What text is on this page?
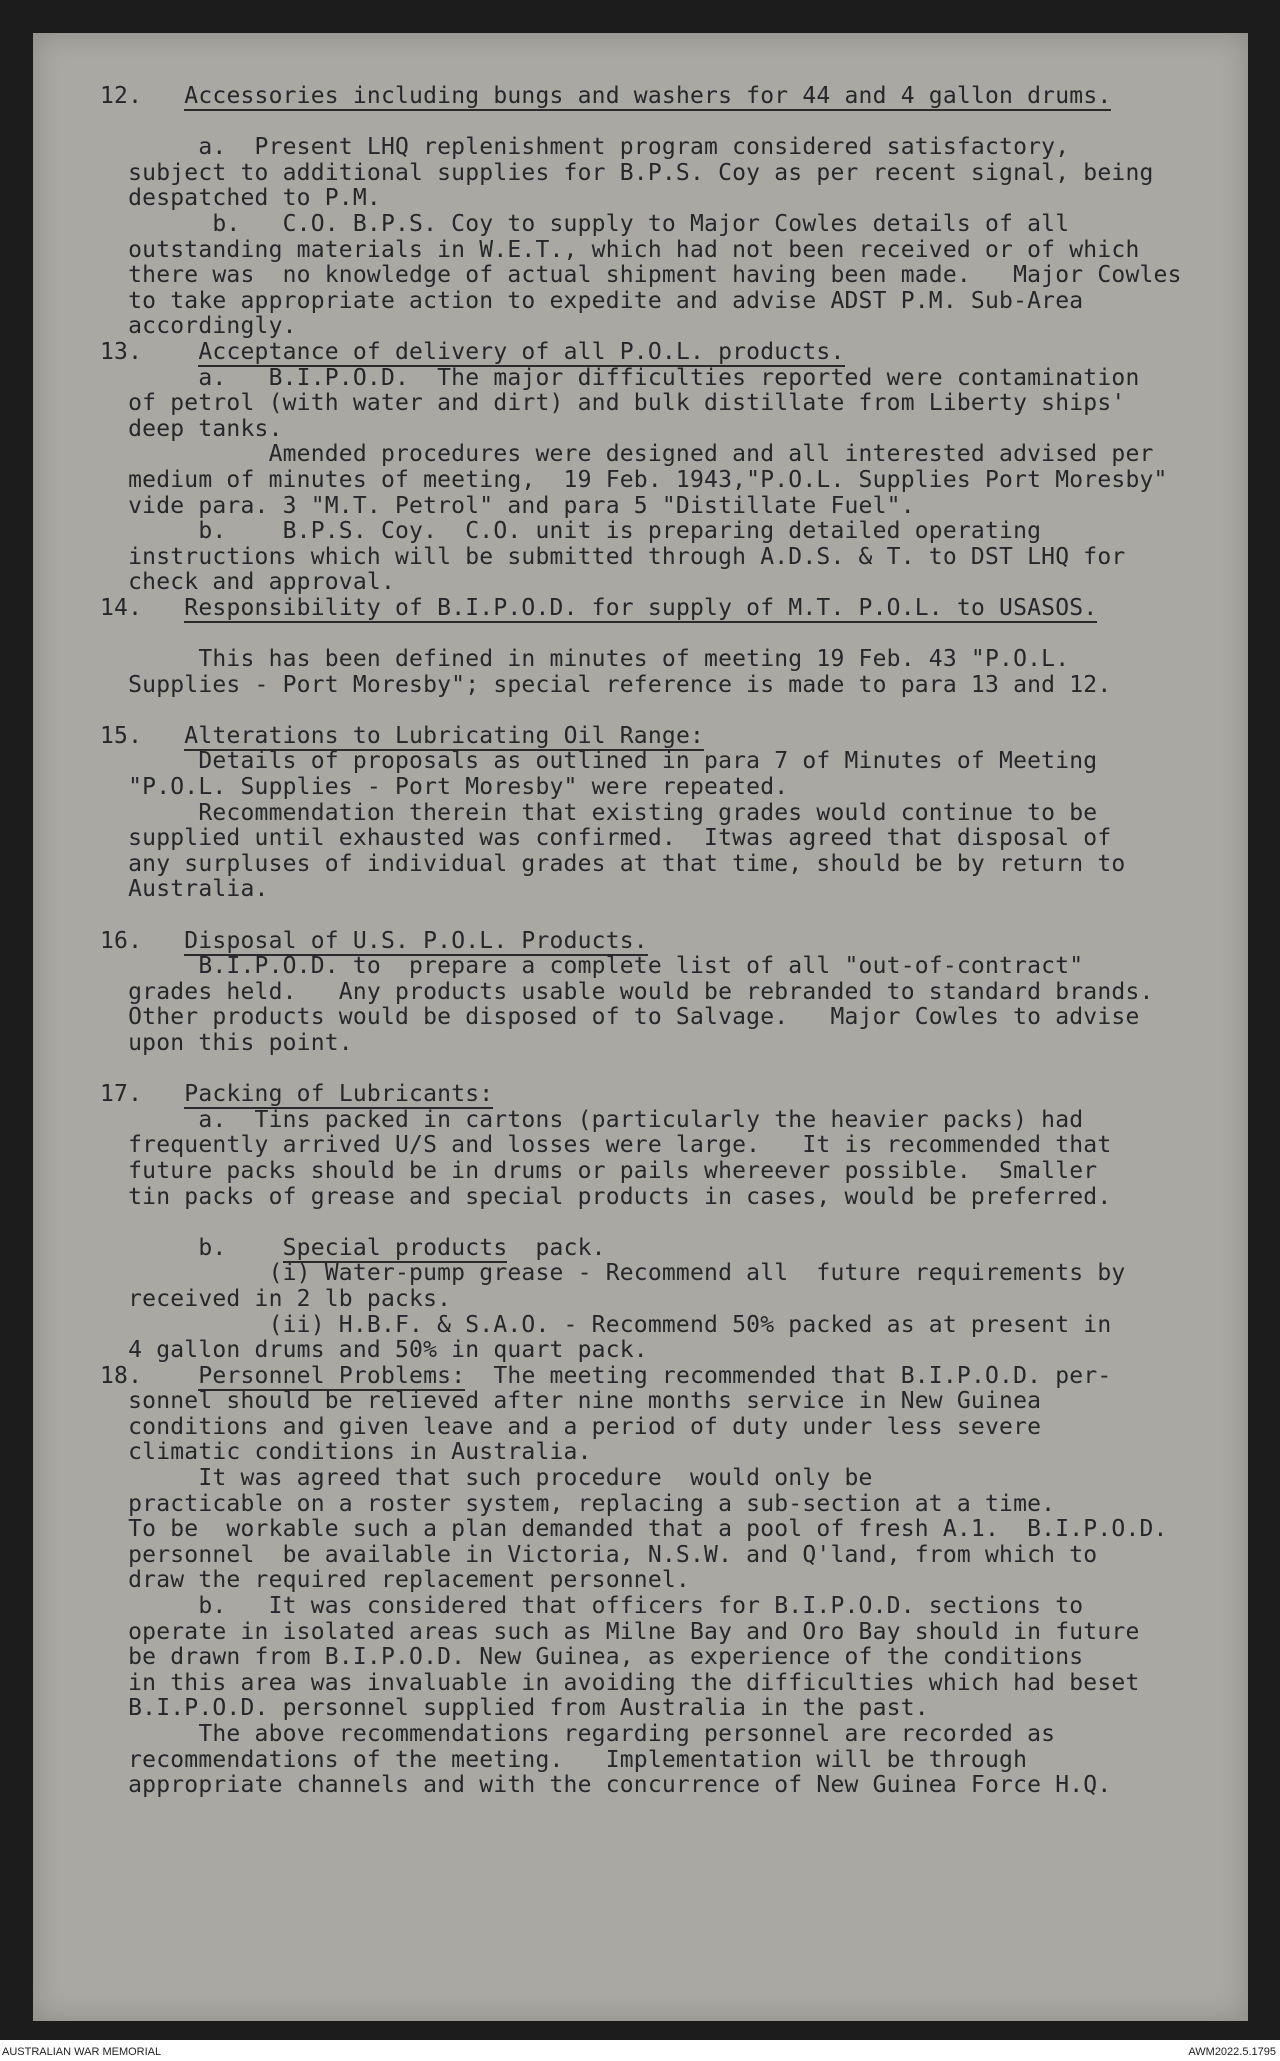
12.   Accessories including bungs and washers for 44 and 4 gallon drums.
a.  Present LHQ replenishment program considered satisfactory,
subject to additional supplies for B.P.S. Coy as per recent signal, being
despatched to P.M.
b.   C.O. B.P.S. Coy to supply to Major Cowles details of all
outstanding materials in W.E.T., which had not been received or of which
there was  no knowledge of actual shipment having been made.   Major Cowles
to take appropriate action to expedite and advise ADST P.M. Sub-Area
accordingly.
13.    Acceptance of delivery of all P.O.L. products.
a.   B.I.P.O.D.  The major difficulties reported were contamination
of petrol (with water and dirt) and bulk distillate from Liberty ships'
deep tanks.
Amended procedures were designed and all interested advised per
medium of minutes of meeting,  19 Feb. 1943,"P.O.L. Supplies Port Moresby"
vide para. 3 "M.T. Petrol" and para 5 "Distillate Fuel".
b.    B.P.S. Coy.  C.O. unit is preparing detailed operating
instructions which will be submitted through A.D.S. & T. to DST LHQ for
check and approval.
14.   Responsibility of B.I.P.O.D. for supply of M.T. P.O.L. to USASOS.
This has been defined in minutes of meeting 19 Feb. 43 "P.O.L.
Supplies - Port Moresby"; special reference is made to para 13 and 12.
15.   Alterations to Lubricating Oil Range:
Details of proposals as outlined in para 7 of Minutes of Meeting
"P.O.L. Supplies - Port Moresby" were repeated.
Recommendation therein that existing grades would continue to be
supplied until exhausted was confirmed.  Itwas agreed that disposal of
any surpluses of individual grades at that time, should be by return to
Australia.
16.   Disposal of U.S. P.O.L. Products.
B.I.P.O.D. to  prepare a complete list of all "out-of-contract"
grades held.   Any products usable would be rebranded to standard brands.
Other products would be disposed of to Salvage.   Major Cowles to advise
upon this point.
17.   Packing of Lubricants:
a.  Tins packed in cartons (particularly the heavier packs) had
frequently arrived U/S and losses were large.   It is recommended that
future packs should be in drums or pails whereever possible.  Smaller
tin packs of grease and special products in cases, would be preferred.
b.    Special products  pack.
(i) Water-pump grease - Recommend all  future requirements by
received in 2 lb packs.
(ii) H.B.F. & S.A.O. - Recommend 50% packed as at present in
4 gallon drums and 50% in quart pack.
18.    Personnel Problems:  The meeting recommended that B.I.P.O.D. per-
sonnel should be relieved after nine months service in New Guinea
conditions and given leave and a period of duty under less severe
climatic conditions in Australia.
It was agreed that such procedure  would only be
practicable on a roster system, replacing a sub-section at a time.
To be  workable such a plan demanded that a pool of fresh A.1.  B.I.P.O.D.
personnel  be available in Victoria, N.S.W. and Q'land, from which to
draw the required replacement personnel.
b.   It was considered that officers for B.I.P.O.D. sections to
operate in isolated areas such as Milne Bay and Oro Bay should in future
be drawn from B.I.P.O.D. New Guinea, as experience of the conditions
in this area was invaluable in avoiding the difficulties which had beset
B.I.P.O.D. personnel supplied from Australia in the past.
The above recommendations regarding personnel are recorded as
recommendations of the meeting.   Implementation will be through
appropriate channels and with the concurrence of New Guinea Force H.Q.
AUSTRALIAN WAR MEMORIAL	AWM2022.5.1795
